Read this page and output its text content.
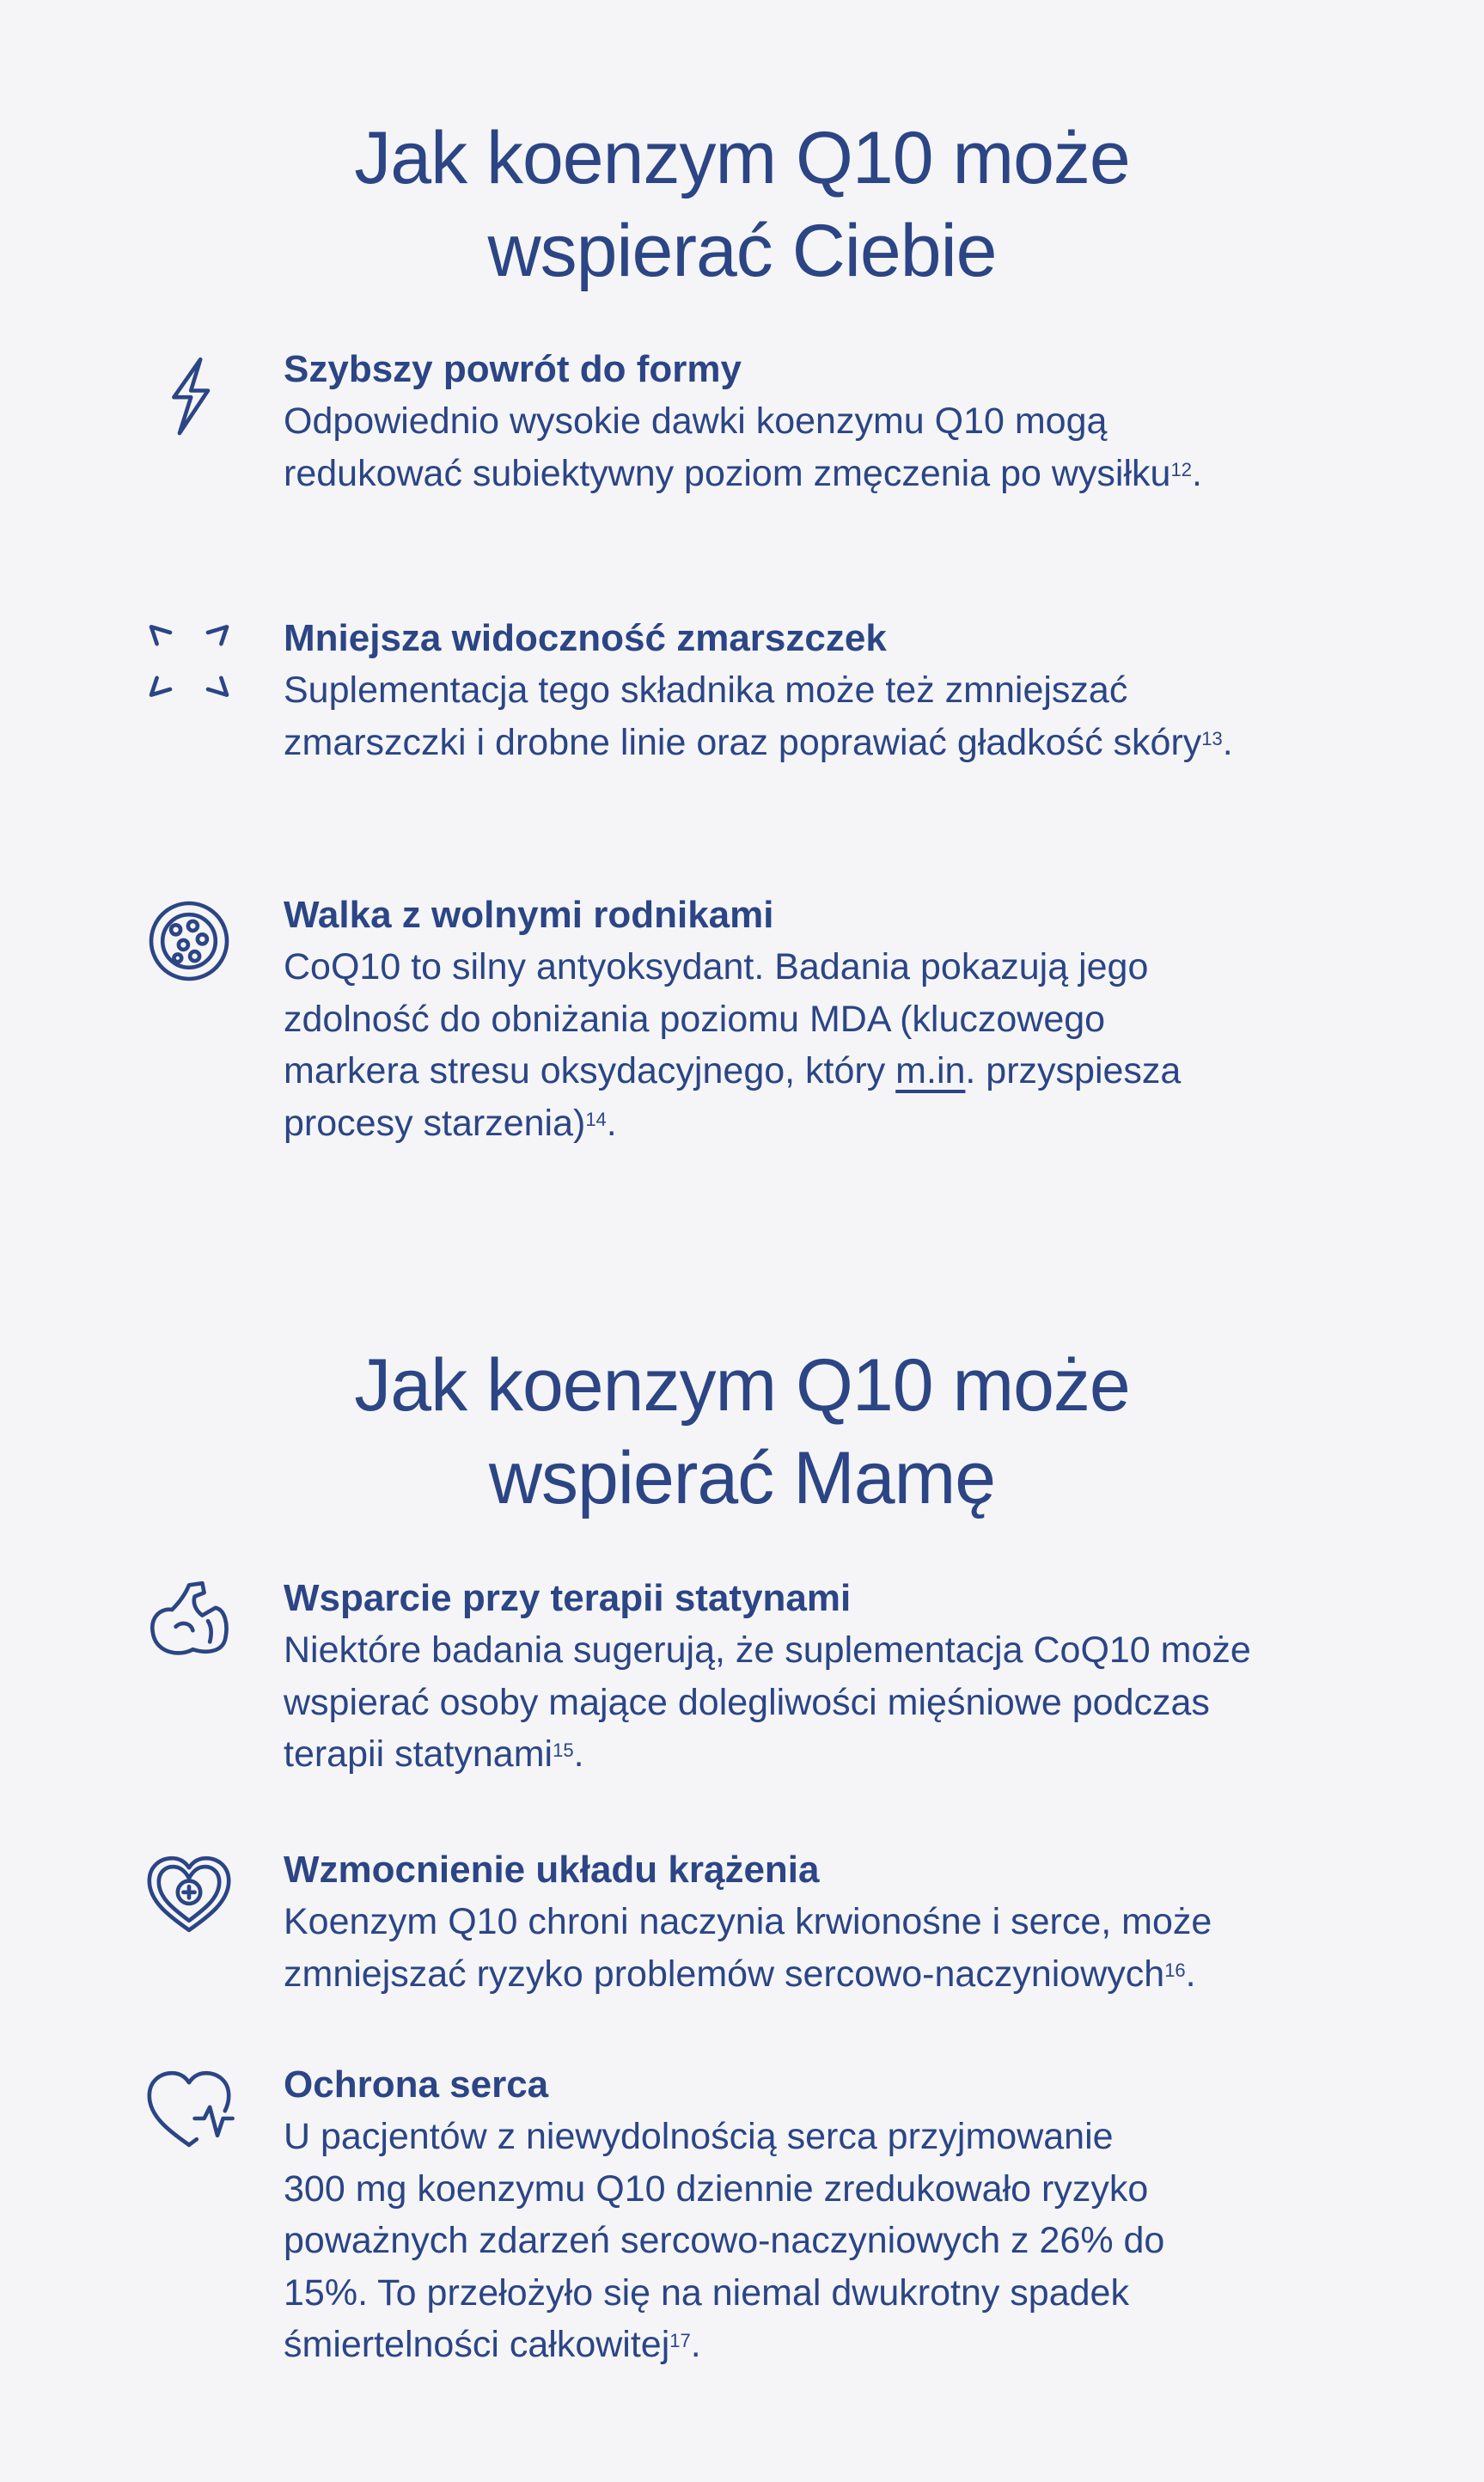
Jak koenzym Q10 może
wspierać Ciebie
Szybszy powrót do formy

Odpowiednio wysokie dawki koenzymu Q10 mogą
redukować subiektywny poziom zmęczenia po wysiłku$^{12}$.

Mniejsza widoczność zmarszczek

Suplementacja tego składnika może też zmniejszać
zmarszczki i drobne linie oraz poprawiać gładkość skóry$^{13}$.

Walka z wolnymi rodnikami

CoQ10 to silny antyoksydant. Badania pokazują jego
zdolność do obniżania poziomu MDA (kluczowego
markera stresu oksydacyjnego, który m.in. przyspiesza
procesy starzenia)$^{14}$.

Jak koenzym Q10 może
wspierać Mamę
Wsparcie przy terapii statynami

Niektóre badania sugerują, że suplementacja CoQ10 może
wspierać osoby mające dolegliwości mięśniowe podczas
terapii statynami$^{15}$.

Wzmocnienie układu krążenia

Koenzym Q10 chroni naczynia krwionośne i serce, może
zmniejszać ryzyko problemów sercowo-naczyniowych$^{16}$.

Ochrona serca

U pacjentów z niewydolnością serca przyjmowanie
300 mg koenzymu Q10 dziennie zredukowało ryzyko
poważnych zdarzeń sercowo-naczyniowych z 26% do
15%. To przełożyło się na niemal dwukrotny spadek
śmiertelności całkowitej$^{17}$.
